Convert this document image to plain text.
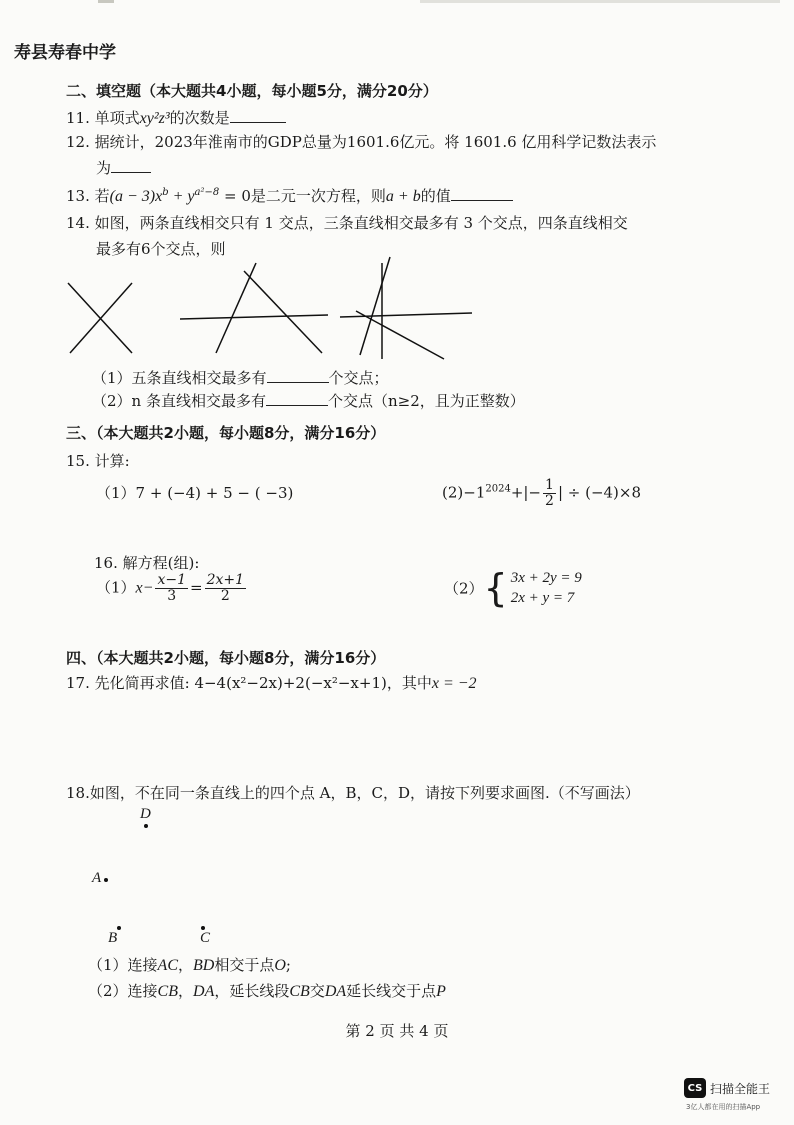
寿县寿春中学
二、填空题（本大题共4小题，每小题5分，满分20分）
11. 单项式xy²z³的次数是
12. 据统计，2023年淮南市的GDP总量为1601.6亿元。将 1601.6 亿用科学记数法表示
为
13. 若$(a - 3)x^b + y^{a^2-8} = 0$是二元一次方程，则a + b的值
14. 如图，两条直线相交只有 1 交点，三条直线相交最多有 3 个交点，四条直线相交
最多有6个交点，则
（1）五条直线相交最多有	个交点；
（2）n 条直线相交最多有	个交点（n≥2，且为正整数）
三、（本大题共2小题，每小题8分，满分16分）
15. 计算:
（1）7 + (−4) + 5 − ( −3)	$(2)-1^{2024}+|- \frac{1}{2}$ | ÷ (−4)×8
16. 解方程(组):
$(1)x- \frac{x-1}{3} = \frac{2x+1}{2}$	（2） { 3x + 2y = 9
2x + y = 7
四、（本大题共2小题，每小题8分，满分16分）
17. 先化简再求值: 4−4(x²−2x)+2(−x²−x+1)，其中x = −2
18.如图，不在同一条直线上的四个点 A，B，C，D，请按下列要求画图.（不写画法）
D
A
B	C
（1）连接AC，BD相交于点O;
（2）连接CB，DA，延长线段CB交DA延长线交于点P
第 2 页 共 4 页
CS 扫描全能王
3亿人都在用的扫描App
